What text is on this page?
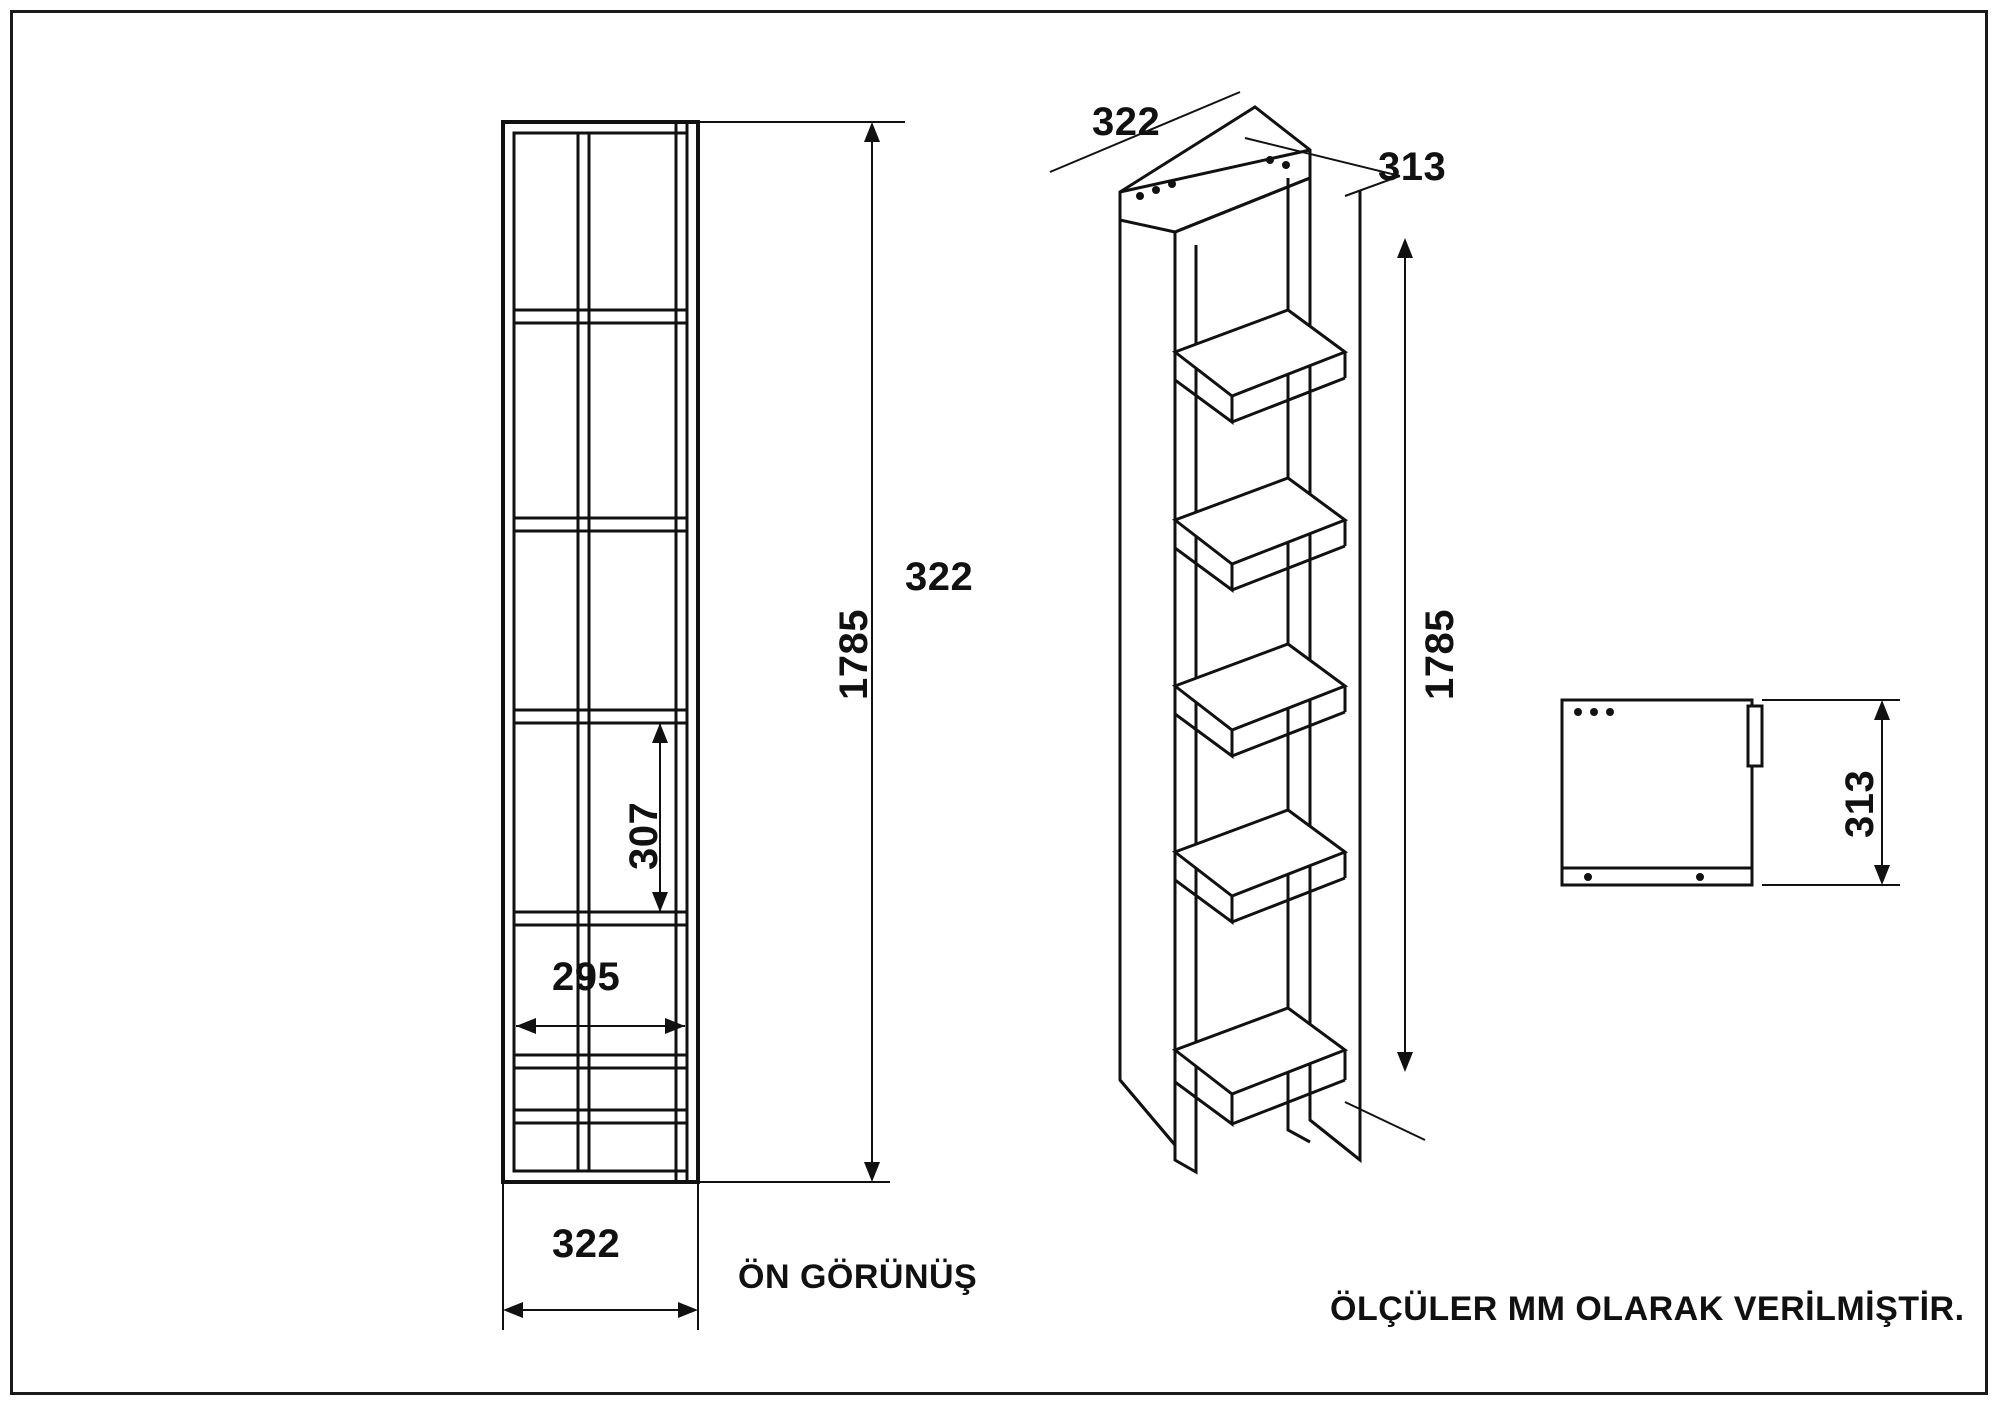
322
1785
307
295
322
ÖN GÖRÜNÜŞ
322
313
1785
313
ÖLÇÜLER MM OLARAK VERİLMİŞTİR.
